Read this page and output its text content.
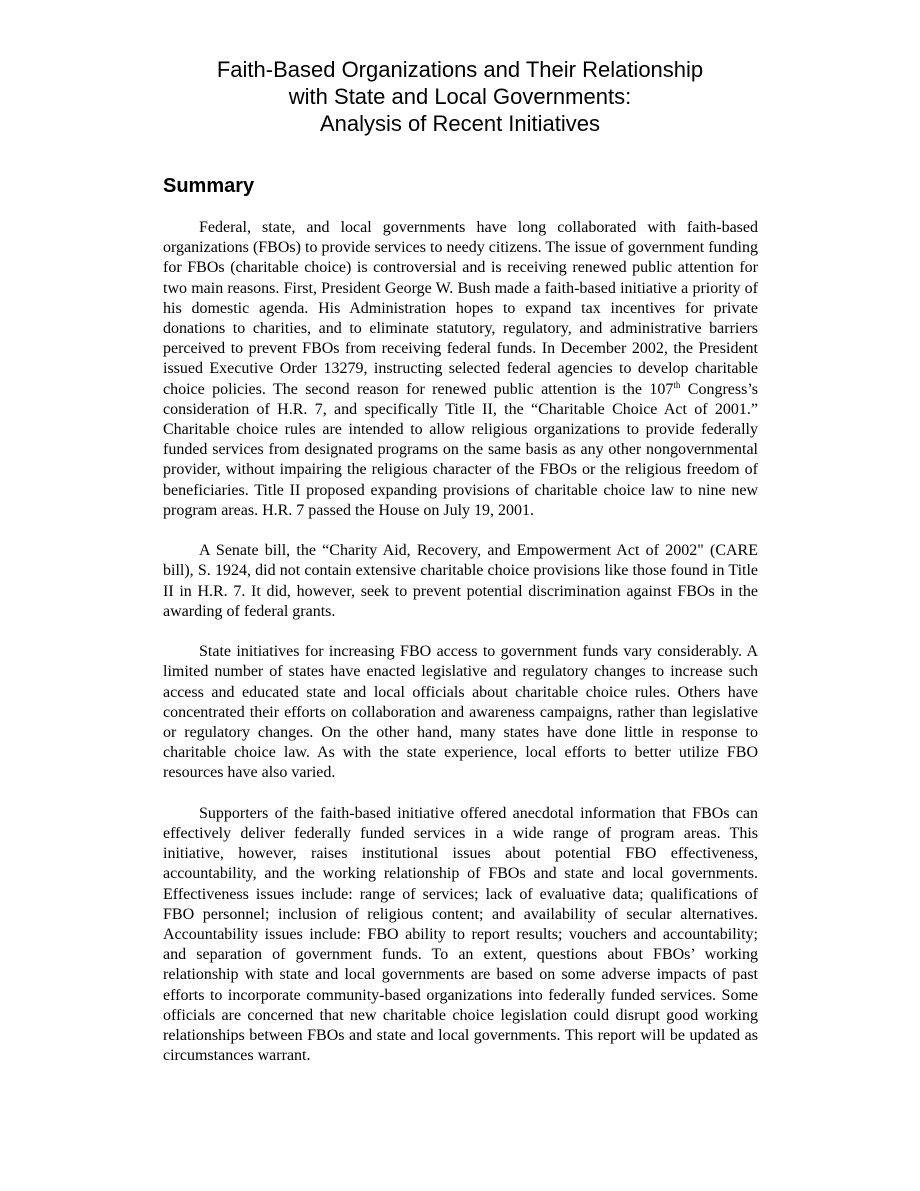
Faith-Based Organizations and Their Relationship
with State and Local Governments:
Analysis of Recent Initiatives
Summary

Federal, state, and local governments have long collaborated with faith-based organizations (FBOs) to provide services to needy citizens. The issue of government funding for FBOs (charitable choice) is controversial and is receiving renewed public attention for two main reasons. First, President George W. Bush made a faith-based initiative a priority of his domestic agenda. His Administration hopes to expand tax incentives for private donations to charities, and to eliminate statutory, regulatory, and administrative barriers perceived to prevent FBOs from receiving federal funds. In December 2002, the President issued Executive Order 13279, instructing selected federal agencies to develop charitable choice policies. The second reason for renewed public attention is the 107th Congress’s consideration of H.R. 7, and specifically Title II, the “Charitable Choice Act of 2001.” Charitable choice rules are intended to allow religious organizations to provide federally funded services from designated programs on the same basis as any other nongovernmental provider, without impairing the religious character of the FBOs or the religious freedom of beneficiaries. Title II proposed expanding provisions of charitable choice law to nine new program areas. H.R. 7 passed the House on July 19, 2001.

A Senate bill, the “Charity Aid, Recovery, and Empowerment Act of 2002" (CARE bill), S. 1924, did not contain extensive charitable choice provisions like those found in Title II in H.R. 7. It did, however, seek to prevent potential discrimination against FBOs in the awarding of federal grants.

State initiatives for increasing FBO access to government funds vary considerably. A limited number of states have enacted legislative and regulatory changes to increase such access and educated state and local officials about charitable choice rules. Others have concentrated their efforts on collaboration and awareness campaigns, rather than legislative or regulatory changes. On the other hand, many states have done little in response to charitable choice law. As with the state experience, local efforts to better utilize FBO resources have also varied.

Supporters of the faith-based initiative offered anecdotal information that FBOs can effectively deliver federally funded services in a wide range of program areas. This initiative, however, raises institutional issues about potential FBO effectiveness, accountability, and the working relationship of FBOs and state and local governments. Effectiveness issues include: range of services; lack of evaluative data; qualifications of FBO personnel; inclusion of religious content; and availability of secular alternatives. Accountability issues include: FBO ability to report results; vouchers and accountability; and separation of government funds. To an extent, questions about FBOs’ working relationship with state and local governments are based on some adverse impacts of past efforts to incorporate community-based organizations into federally funded services. Some officials are concerned that new charitable choice legislation could disrupt good working relationships between FBOs and state and local governments. This report will be updated as circumstances warrant.
